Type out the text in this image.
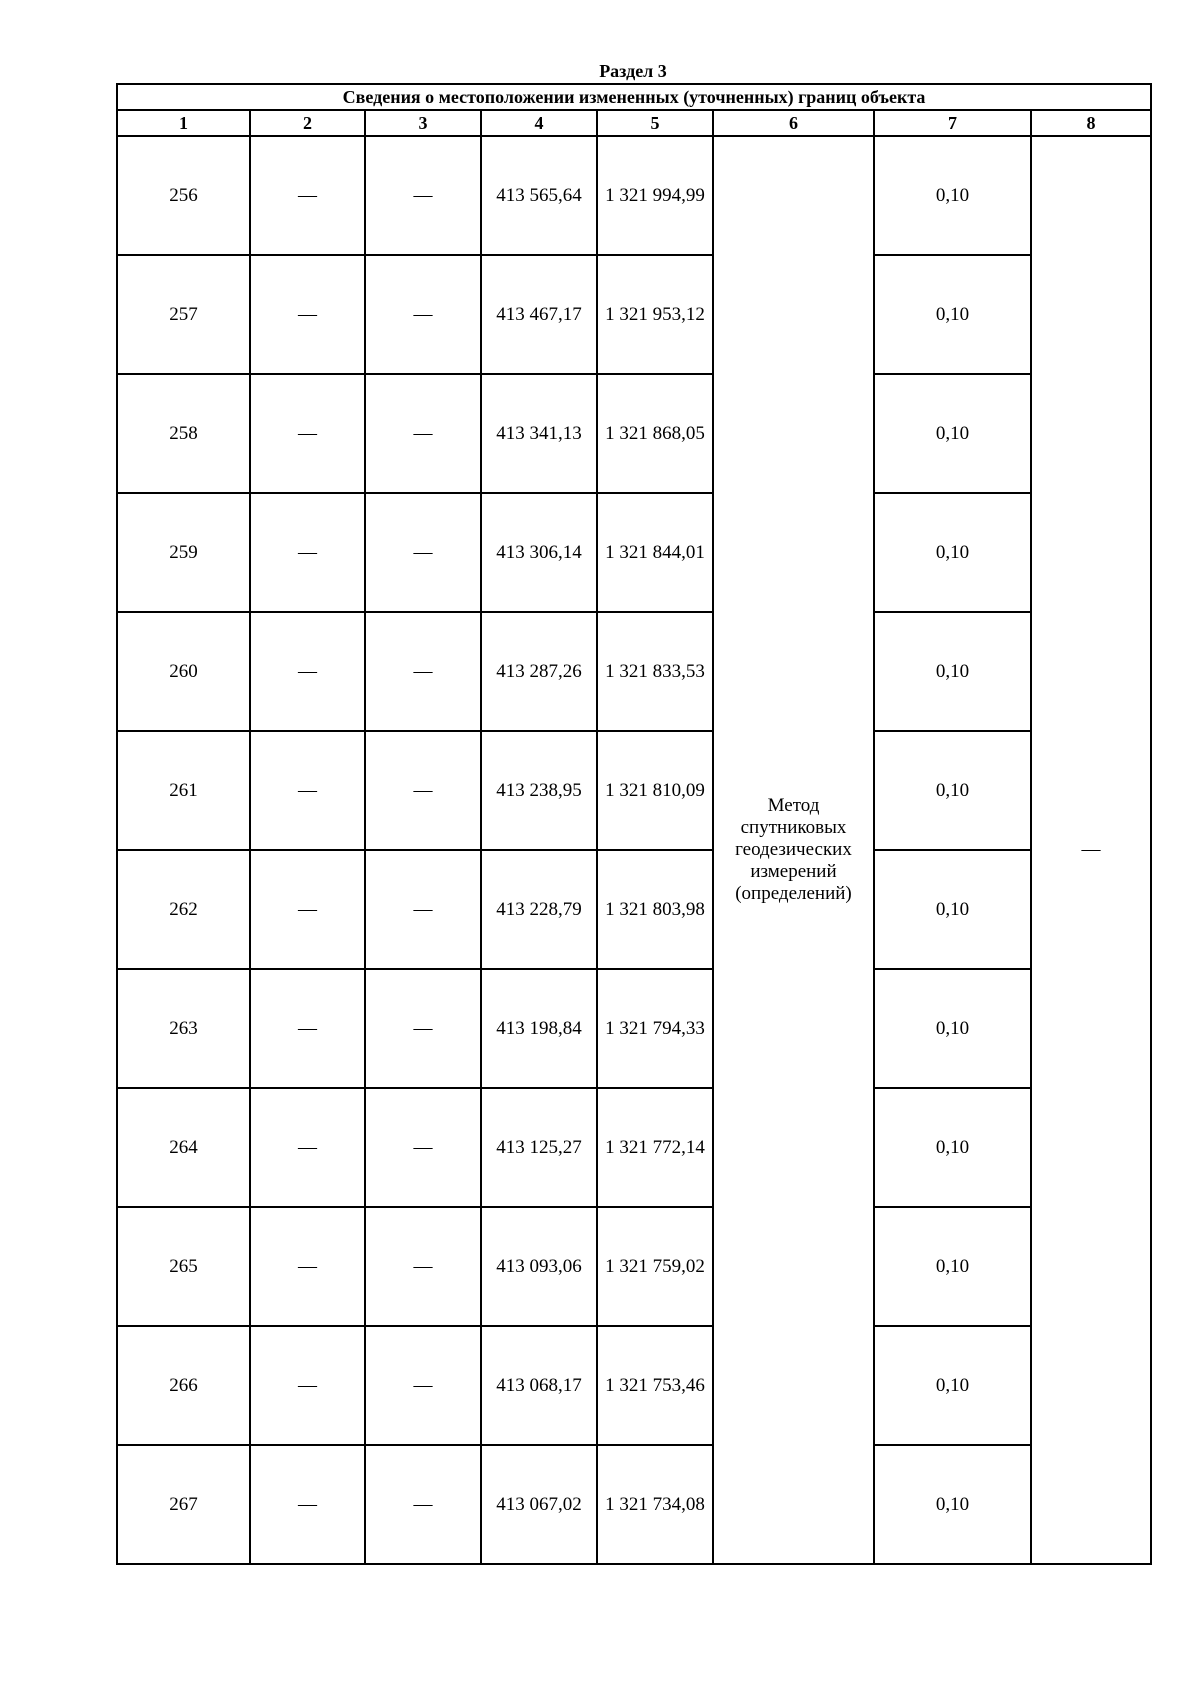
Раздел 3
Сведения о местоположении измененных (уточненных) границ объекта							
1	2	3	4	5	6	7	8
256	—	—	413 565,64	1 321 994,99	Метод спутниковых геодезических измерений (определений)	0,10	—
257	—	—	413 467,17	1 321 953,12		0,10	
258	—	—	413 341,13	1 321 868,05		0,10	
259	—	—	413 306,14	1 321 844,01		0,10	
260	—	—	413 287,26	1 321 833,53		0,10	
261	—	—	413 238,95	1 321 810,09		0,10	
262	—	—	413 228,79	1 321 803,98		0,10	
263	—	—	413 198,84	1 321 794,33		0,10	
264	—	—	413 125,27	1 321 772,14		0,10	
265	—	—	413 093,06	1 321 759,02		0,10	
266	—	—	413 068,17	1 321 753,46		0,10	
267	—	—	413 067,02	1 321 734,08		0,10	
